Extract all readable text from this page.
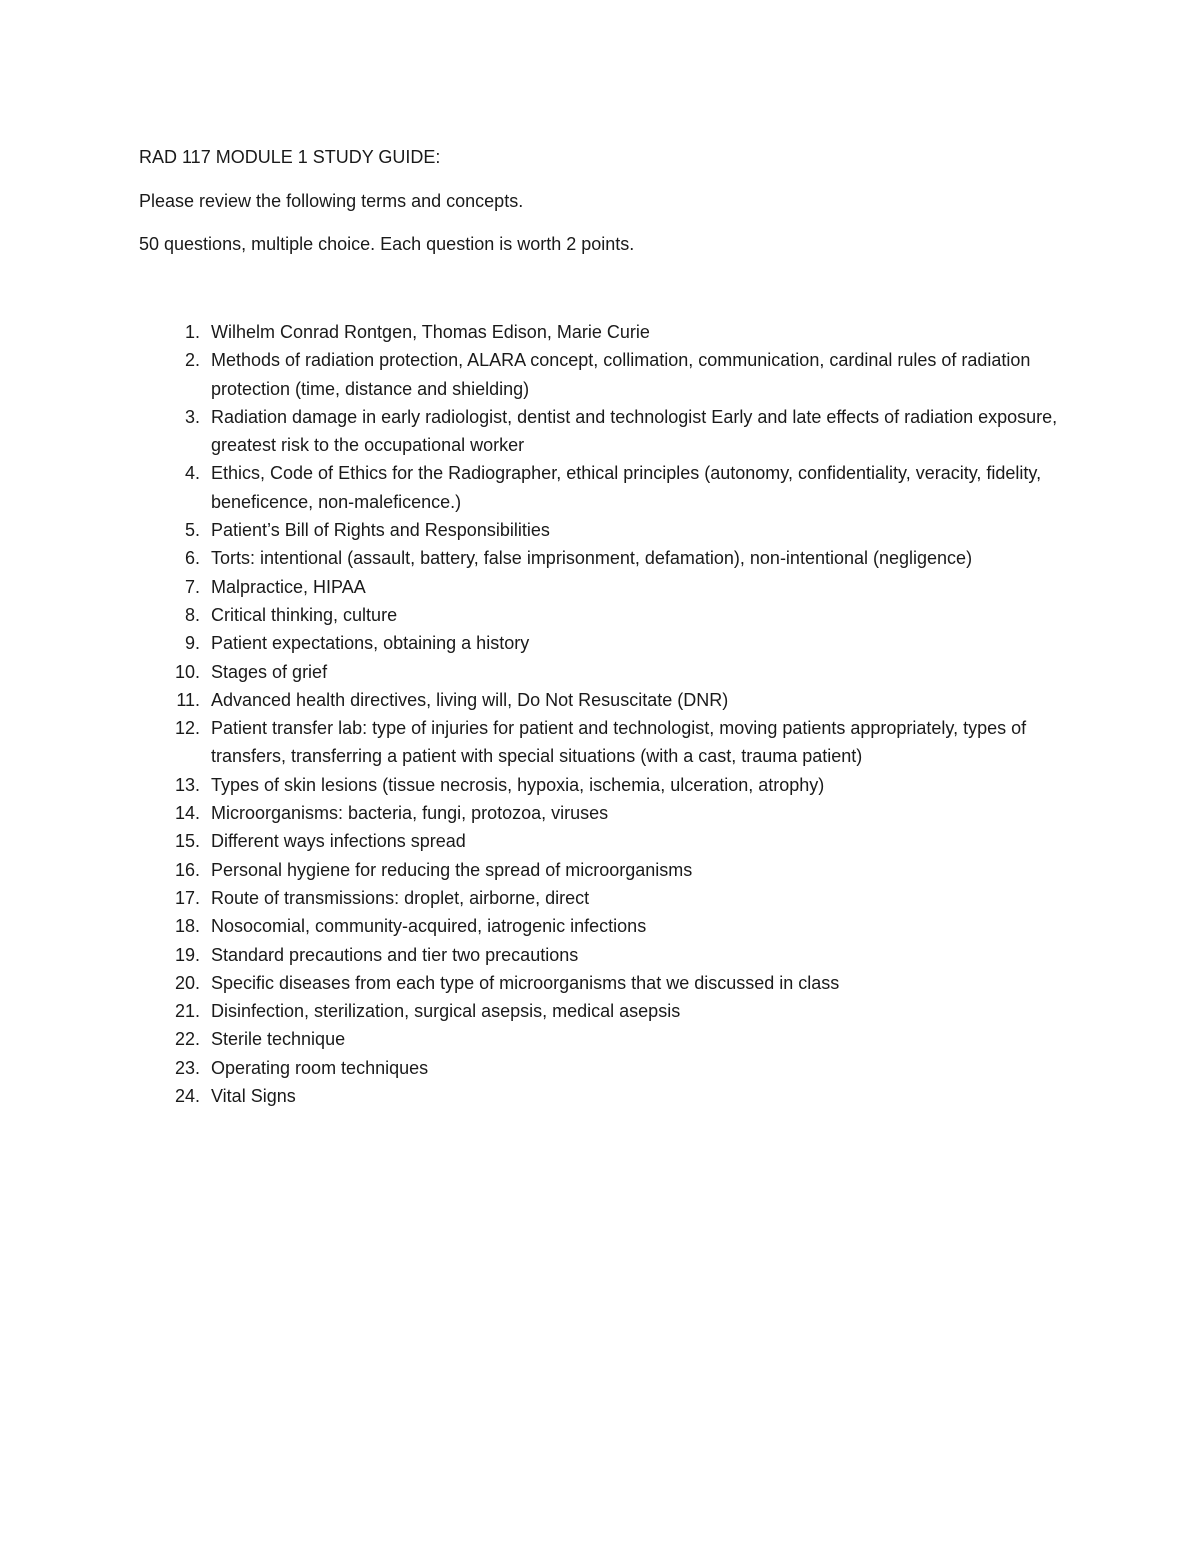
RAD 117 MODULE 1 STUDY GUIDE:
Please review the following terms and concepts.
50 questions, multiple choice. Each question is worth 2 points.
1. Wilhelm Conrad Rontgen, Thomas Edison, Marie Curie
2. Methods of radiation protection, ALARA concept, collimation, communication, cardinal rules of radiation protection (time, distance and shielding)
3. Radiation damage in early radiologist, dentist and technologist Early and late effects of radiation exposure, greatest risk to the occupational worker
4. Ethics, Code of Ethics for the Radiographer, ethical principles (autonomy, confidentiality, veracity, fidelity, beneficence, non-maleficence.)
5. Patient’s Bill of Rights and Responsibilities
6. Torts: intentional (assault, battery, false imprisonment, defamation), non-intentional (negligence)
7. Malpractice, HIPAA
8. Critical thinking, culture
9. Patient expectations, obtaining a history
10. Stages of grief
11. Advanced health directives, living will, Do Not Resuscitate (DNR)
12. Patient transfer lab: type of injuries for patient and technologist, moving patients appropriately, types of transfers, transferring a patient with special situations (with a cast, trauma patient)
13. Types of skin lesions (tissue necrosis, hypoxia, ischemia, ulceration, atrophy)
14. Microorganisms: bacteria, fungi, protozoa, viruses
15. Different ways infections spread
16. Personal hygiene for reducing the spread of microorganisms
17. Route of transmissions: droplet, airborne, direct
18. Nosocomial, community-acquired, iatrogenic infections
19. Standard precautions and tier two precautions
20. Specific diseases from each type of microorganisms that we discussed in class
21. Disinfection, sterilization, surgical asepsis, medical asepsis
22. Sterile technique
23. Operating room techniques
24. Vital Signs
